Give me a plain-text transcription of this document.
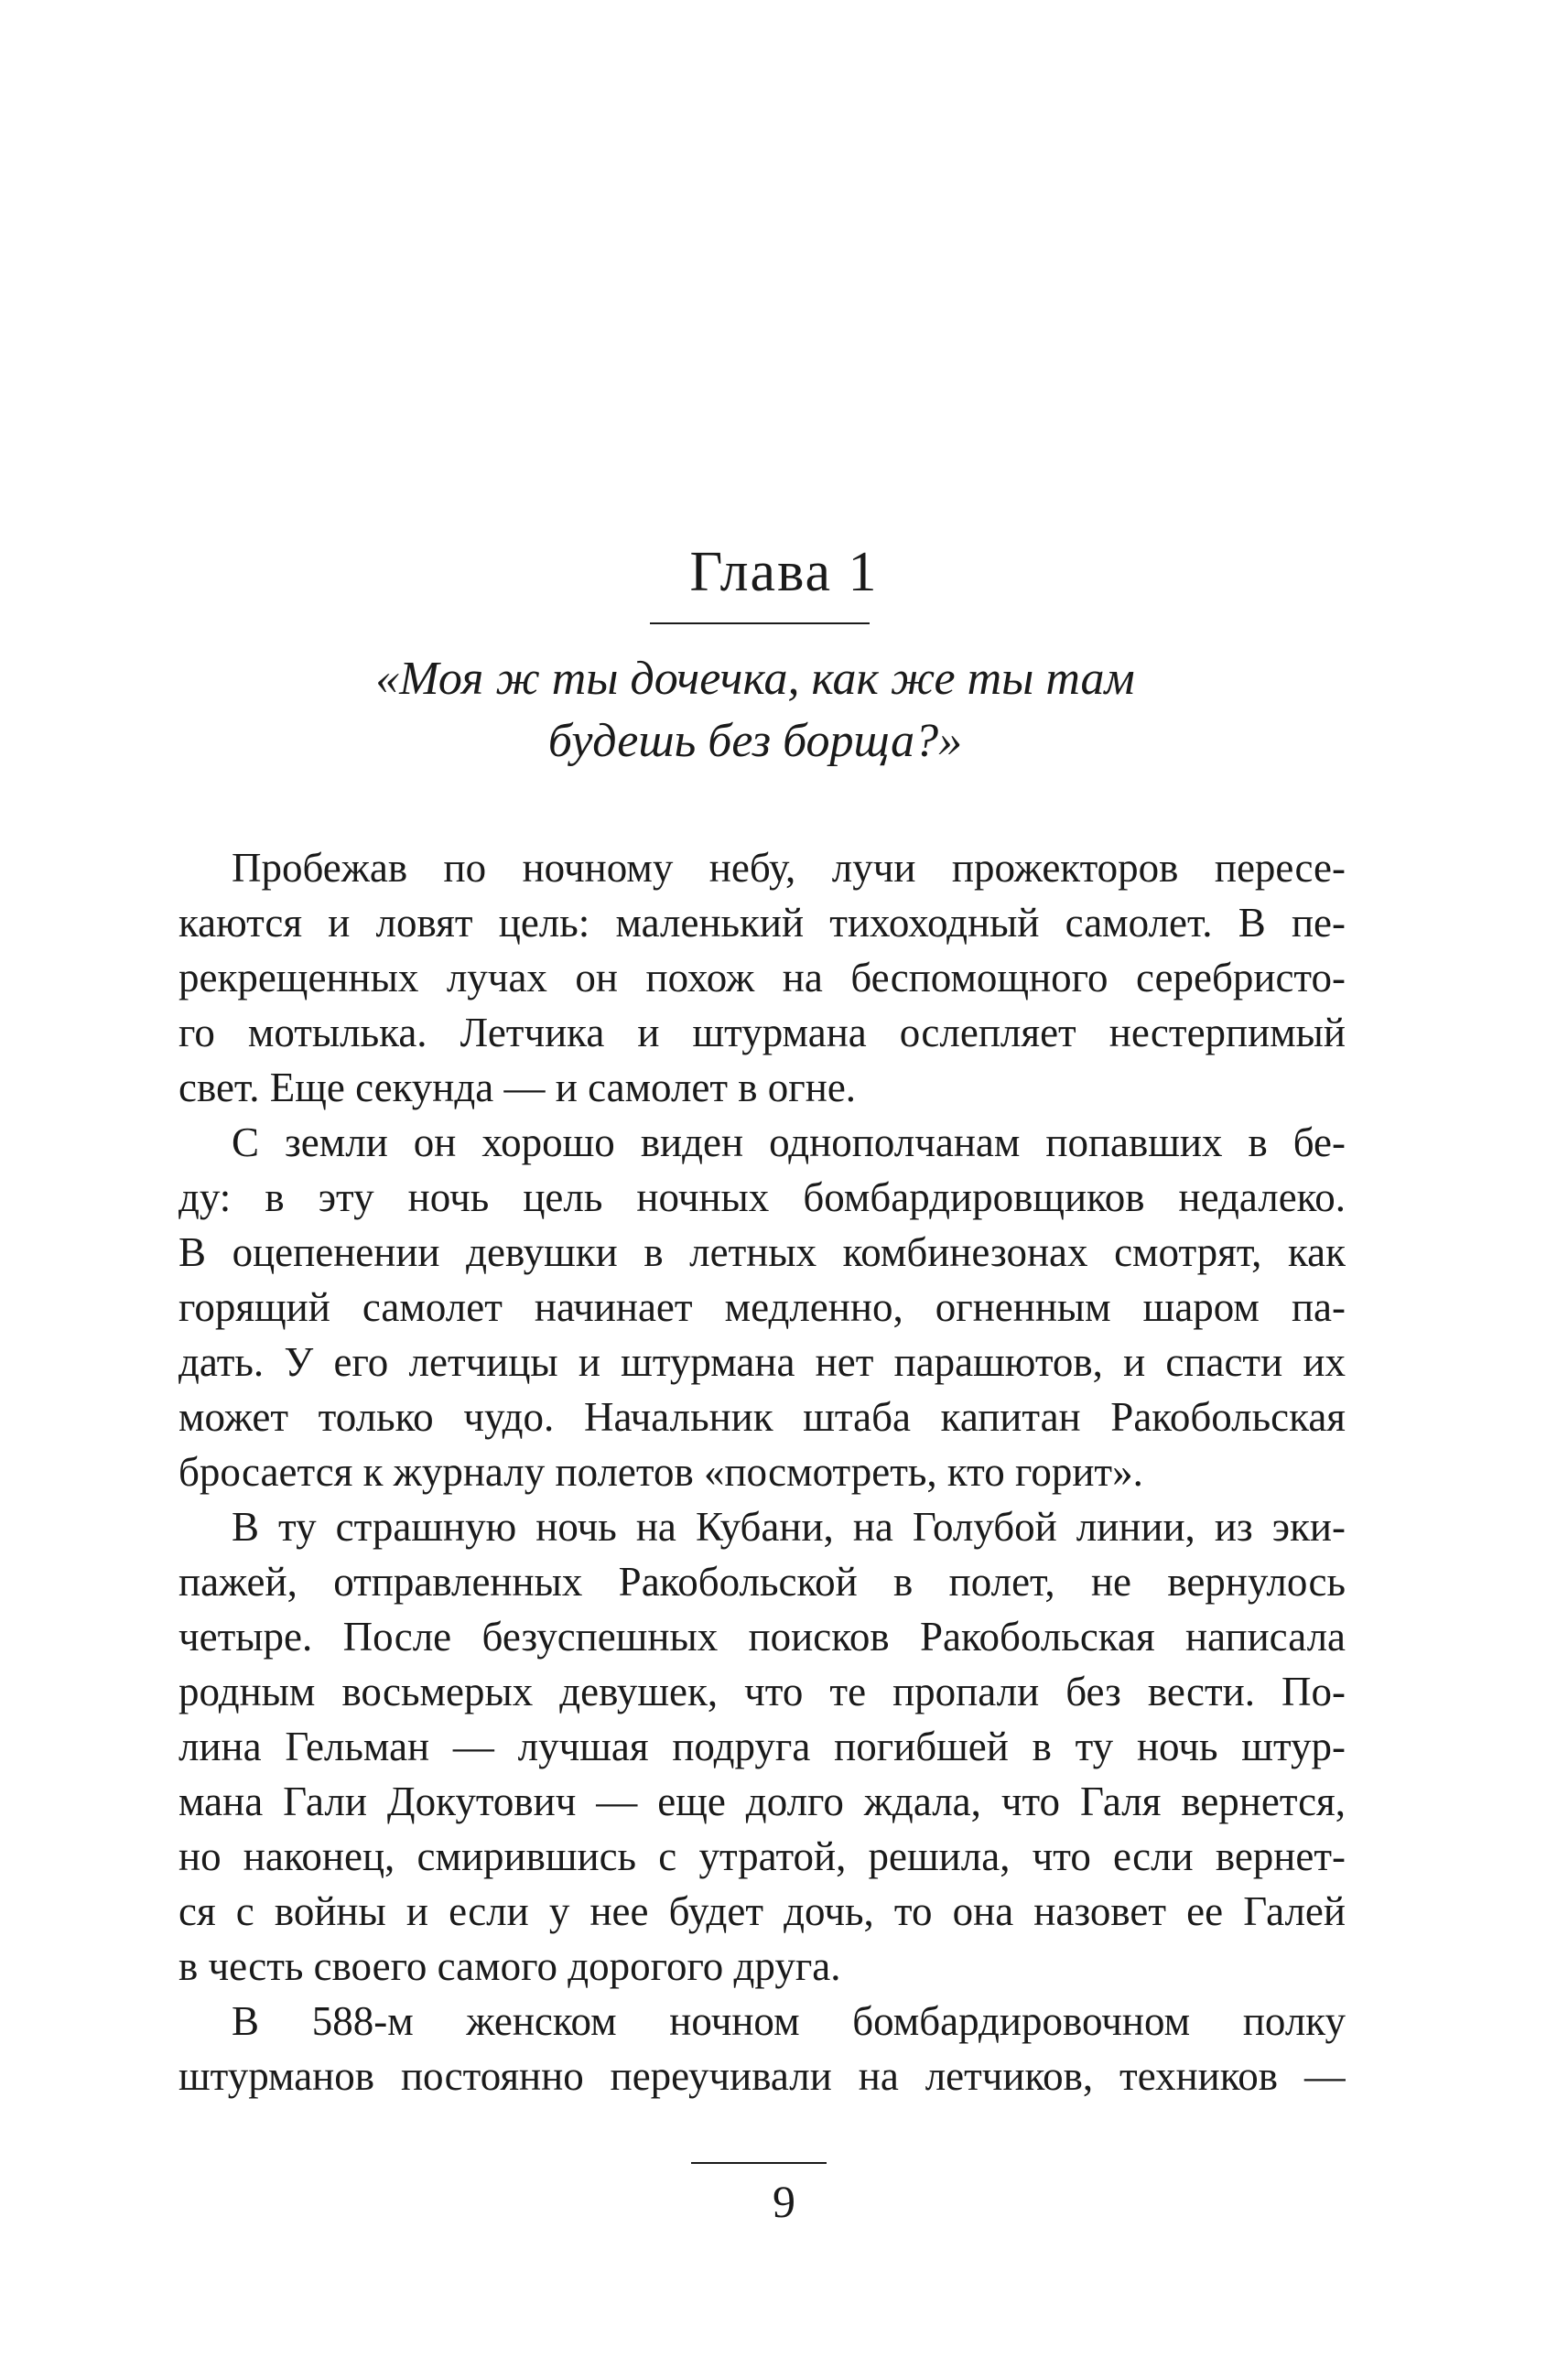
Глава 1
«Моя ж ты дочечка, как же ты там
будешь без борща?»

Пробежав по ночному небу, лучи прожекторов пересе-
каются и ловят цель: маленький тихоходный самолет. В пе-
рекрещенных лучах он похож на беспомощного серебристо-
го мотылька. Летчика и штурмана ослепляет нестерпимый
свет. Еще секунда — и самолет в огне.

С земли он хорошо виден однополчанам попавших в бе-
ду: в эту ночь цель ночных бомбардировщиков недалеко.
В оцепенении девушки в летных комбинезонах смотрят, как
горящий самолет начинает медленно, огненным шаром па-
дать. У его летчицы и штурмана нет парашютов, и спасти их
может только чудо. Начальник штаба капитан Ракобольская
бросается к журналу полетов «посмотреть, кто горит».

В ту страшную ночь на Кубани, на Голубой линии, из эки-
пажей, отправленных Ракобольской в полет, не вернулось
четыре. После безуспешных поисков Ракобольская написала
родным восьмерых девушек, что те пропали без вести. По-
лина Гельман — лучшая подруга погибшей в ту ночь штур-
мана Гали Докутович — еще долго ждала, что Галя вернется,
но наконец, смирившись с утратой, решила, что если вернет-
ся с войны и если у нее будет дочь, то она назовет ее Галей
в честь своего самого дорогого друга.

В 588-м женском ночном бомбардировочном полку
штурманов постоянно переучивали на летчиков, техников —

9
